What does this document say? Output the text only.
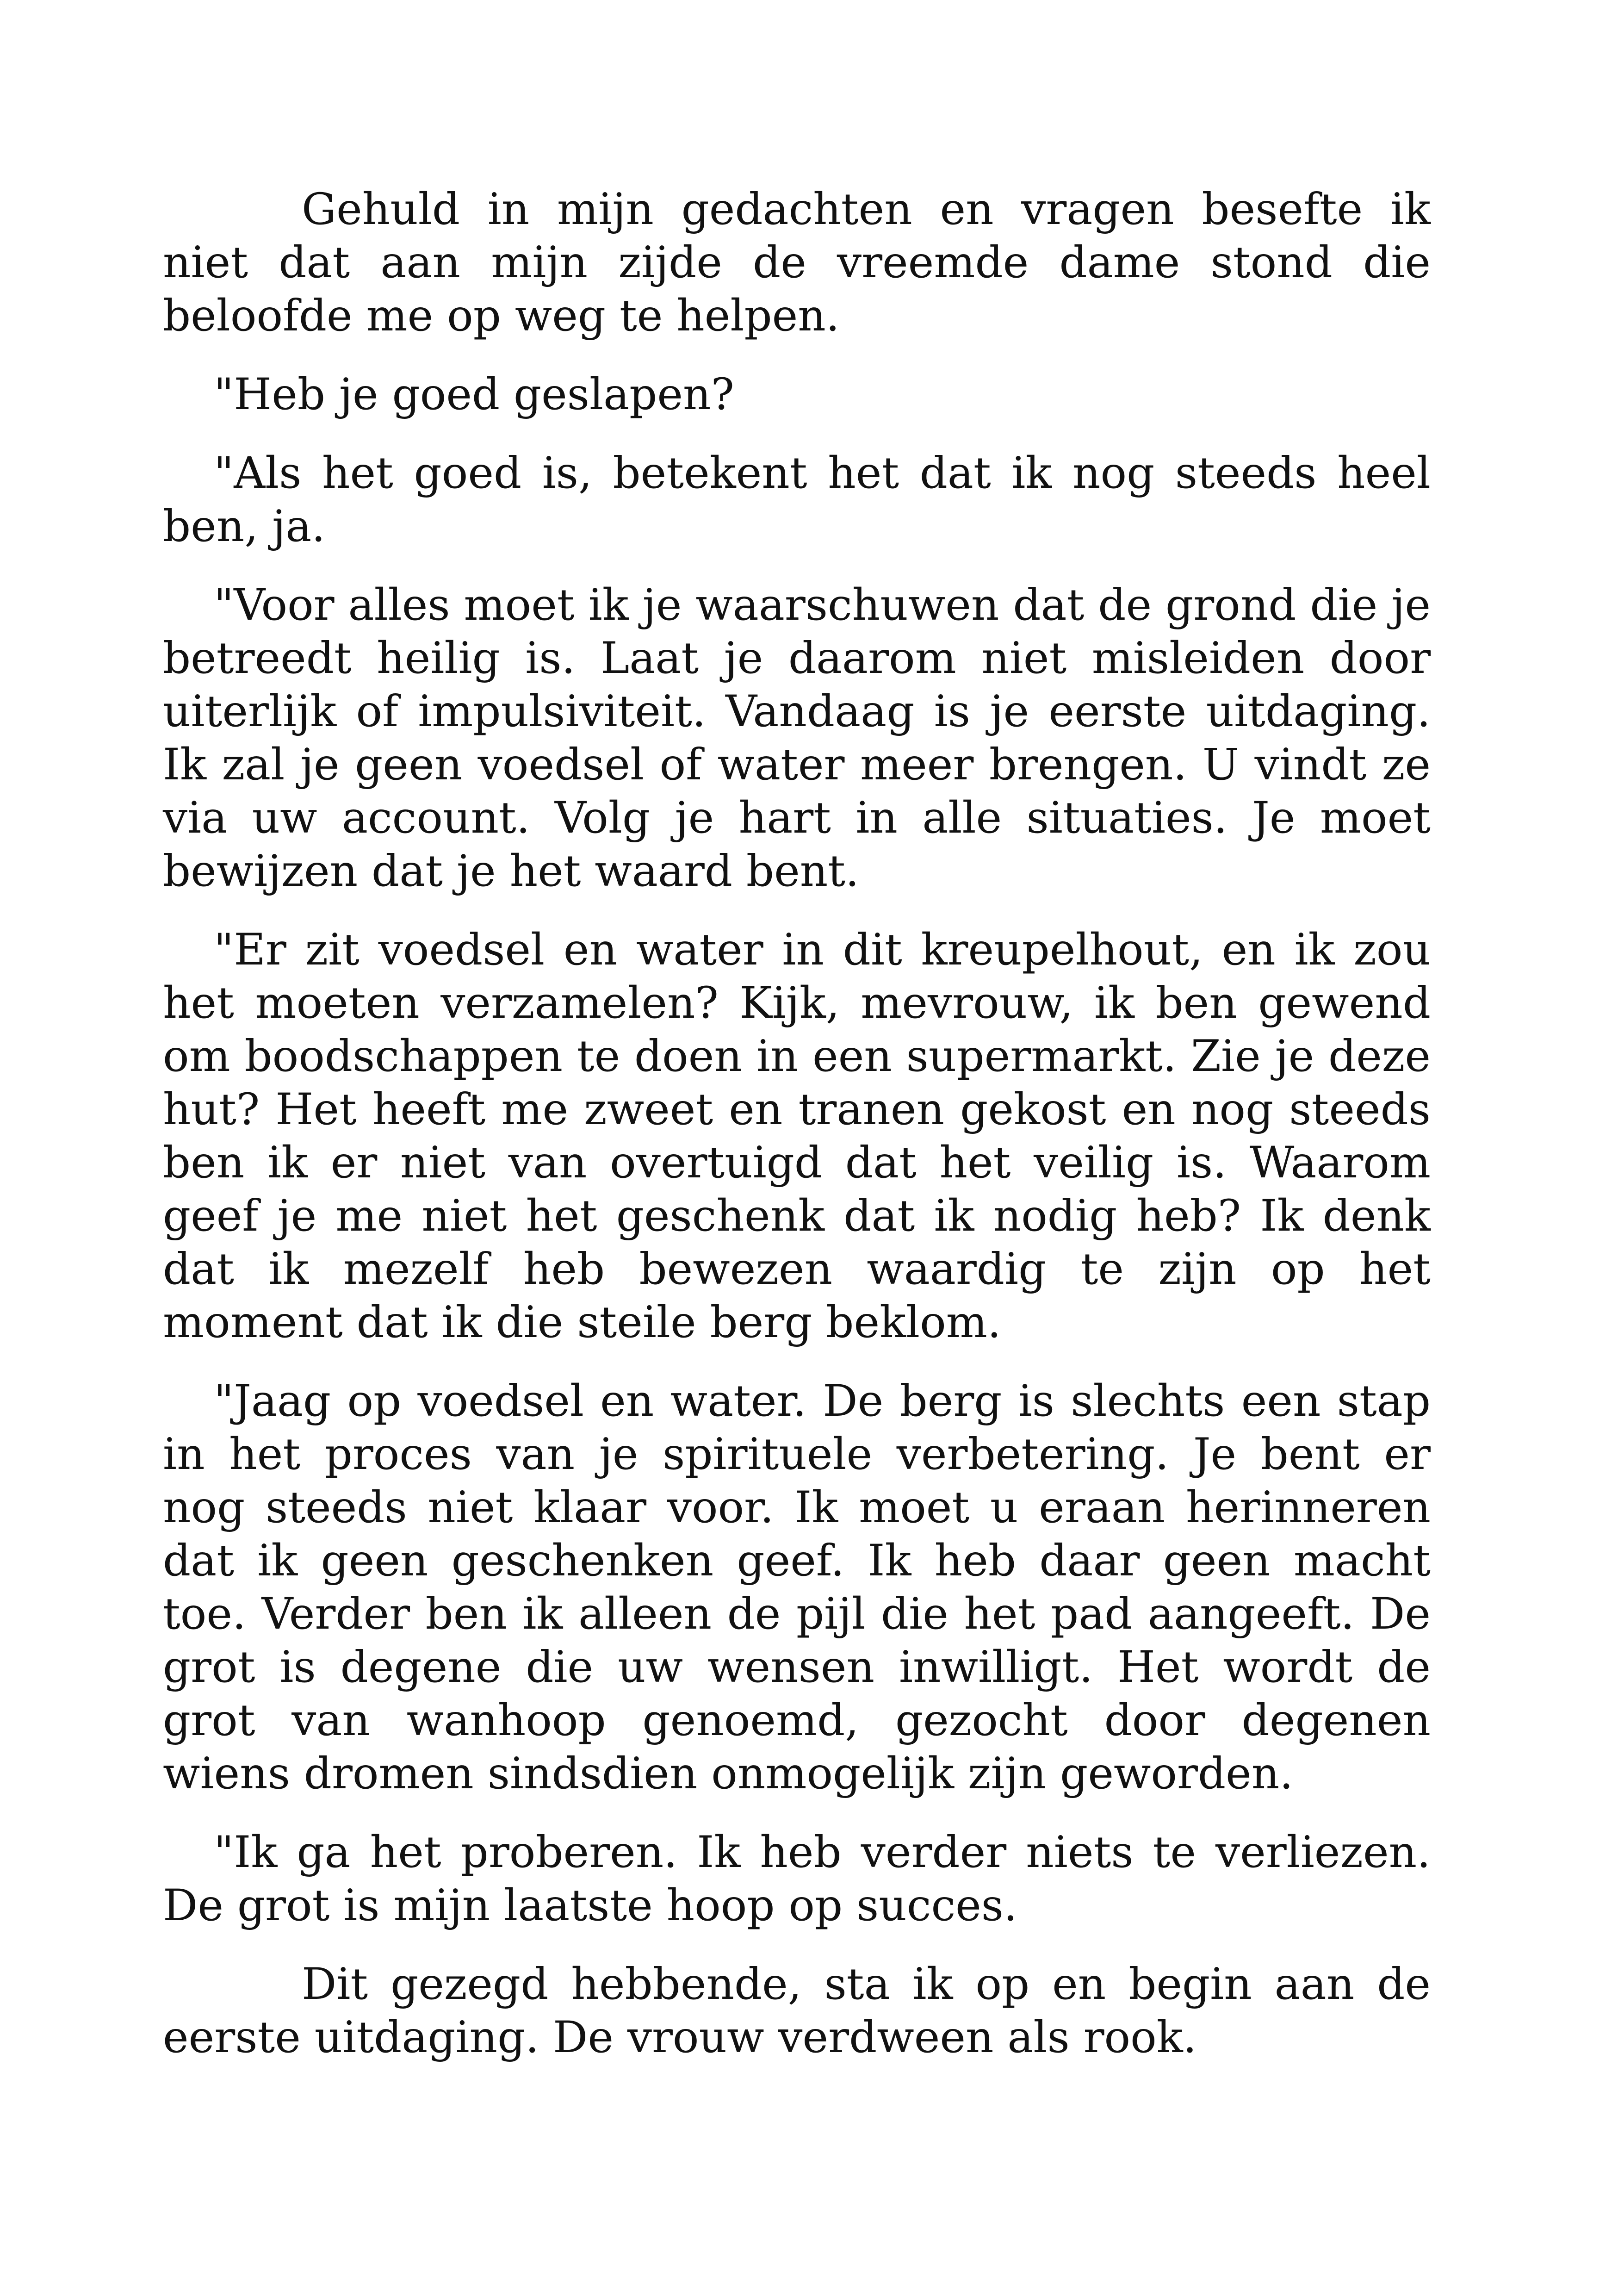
Gehuld in mijn gedachten en vragen besefte ik niet dat aan mijn zijde de vreemde dame stond die beloofde me op weg te helpen.

"Heb je goed geslapen?

"Als het goed is, betekent het dat ik nog steeds heel ben, ja.

"Voor alles moet ik je waarschuwen dat de grond die je betreedt heilig is. Laat je daarom niet misleiden door uiterlijk of impulsiviteit. Vandaag is je eerste uitdaging. Ik zal je geen voedsel of water meer brengen. U vindt ze via uw account. Volg je hart in alle situaties. Je moet bewijzen dat je het waard bent.

"Er zit voedsel en water in dit kreupelhout, en ik zou het moeten verzamelen? Kijk, mevrouw, ik ben gewend om boodschappen te doen in een supermarkt. Zie je deze hut? Het heeft me zweet en tranen gekost en nog steeds ben ik er niet van overtuigd dat het veilig is. Waarom geef je me niet het geschenk dat ik nodig heb? Ik denk dat ik mezelf heb bewezen waardig te zijn op het moment dat ik die steile berg beklom.

"Jaag op voedsel en water. De berg is slechts een stap in het proces van je spirituele verbetering. Je bent er nog steeds niet klaar voor. Ik moet u eraan herinneren dat ik geen geschenken geef. Ik heb daar geen macht toe. Verder ben ik alleen de pijl die het pad aangeeft. De grot is degene die uw wensen inwilligt. Het wordt de grot van wanhoop genoemd, gezocht door degenen wiens dromen sindsdien onmogelijk zijn geworden.

"Ik ga het proberen. Ik heb verder niets te verliezen. De grot is mijn laatste hoop op succes.

Dit gezegd hebbende, sta ik op en begin aan de eerste uitdaging. De vrouw verdween als rook.
